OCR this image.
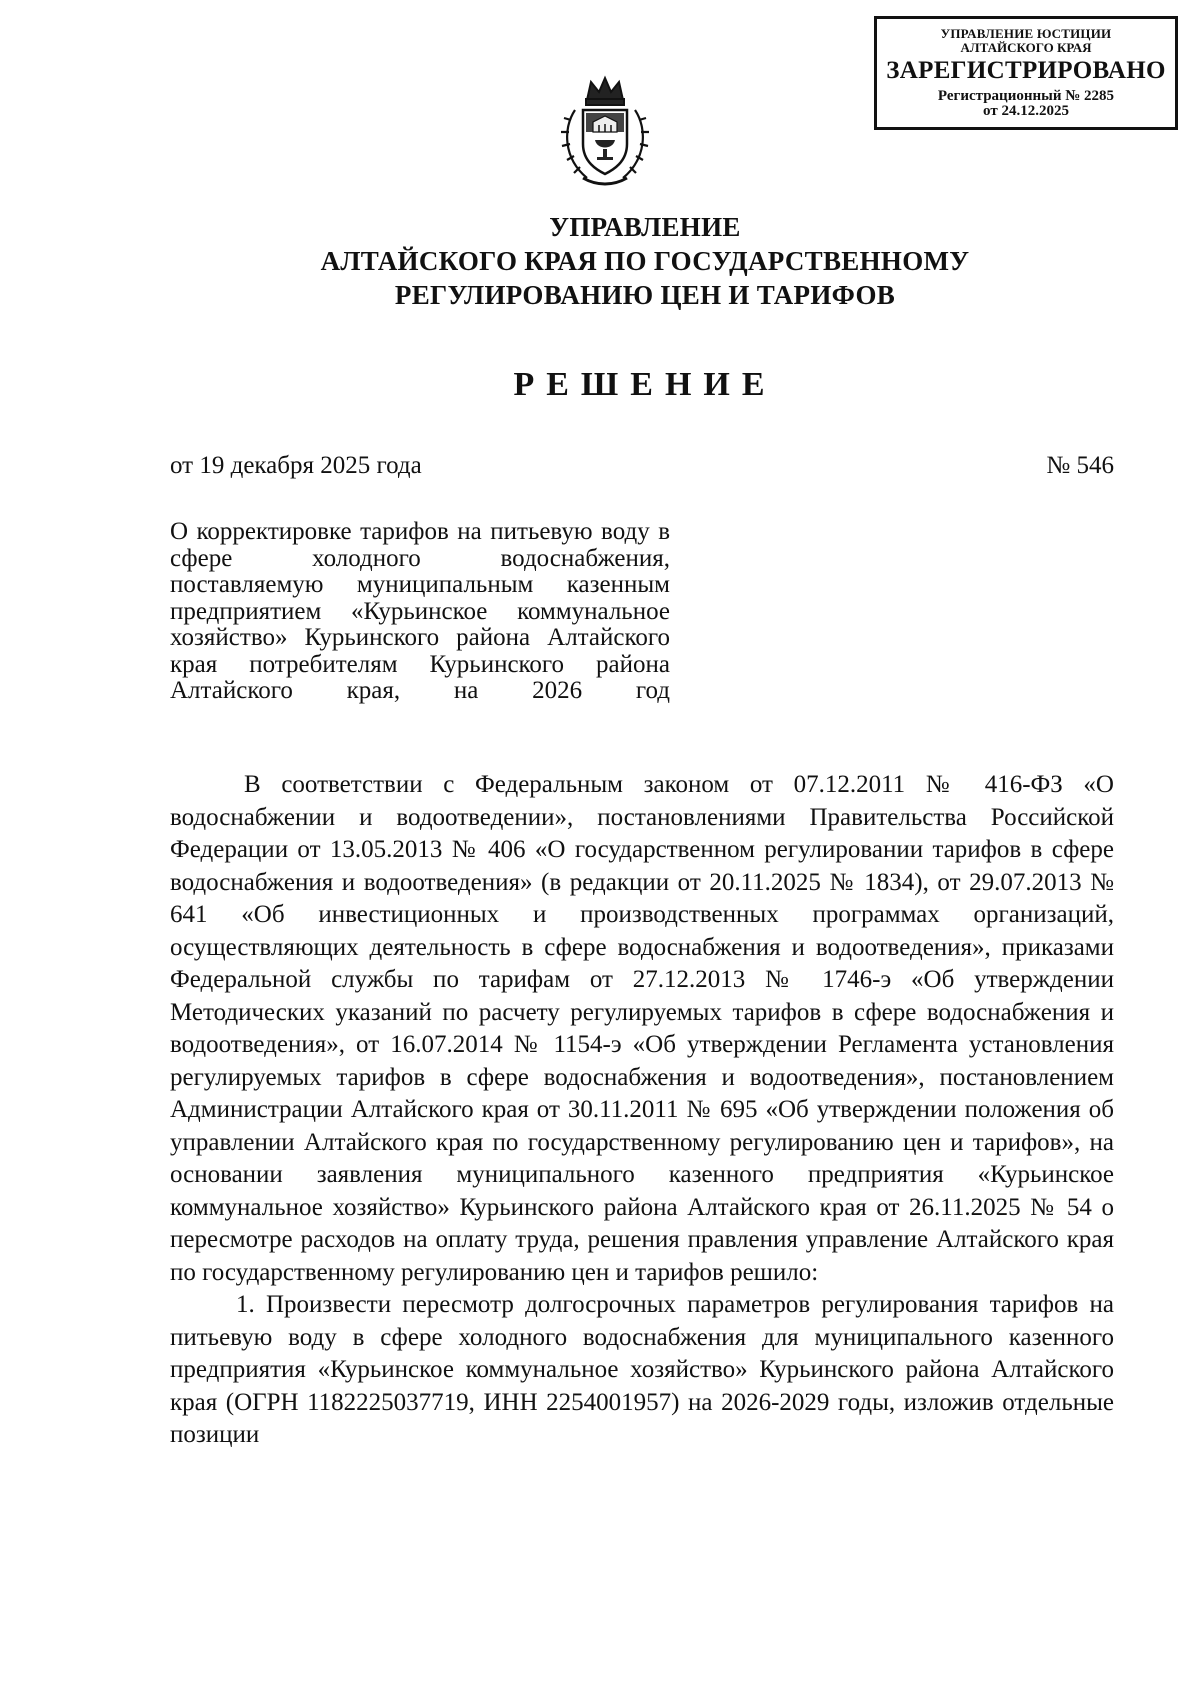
УПРАВЛЕНИЕ ЮСТИЦИИ
АЛТАЙСКОГО КРАЯ
ЗАРЕГИСТРИРОВАНО
Регистрационный № 2285
от 24.12.2025
УПРАВЛЕНИЕ
АЛТАЙСКОГО КРАЯ ПО ГОСУДАРСТВЕННОМУ
РЕГУЛИРОВАНИЮ ЦЕН И ТАРИФОВ
РЕШЕНИЕ
от 19 декабря 2025 года	№ 546
О корректировке тарифов на питьевую воду в сфере холодного водоснабжения, поставляемую муниципальным казенным предприятием «Курьинское коммунальное хозяйство» Курьинского района Алтайского края потребителям Курьинского района Алтайского края, на 2026 год

В соответствии с Федеральным законом от 07.12.2011 № 416-ФЗ «О водоснабжении и водоотведении», постановлениями Правительства Российской Федерации от 13.05.2013 № 406 «О государственном регулировании тарифов в сфере водоснабжения и водоотведения» (в редакции от 20.11.2025 № 1834), от 29.07.2013 № 641 «Об инвестиционных и производственных программах организаций, осуществляющих деятельность в сфере водоснабжения и водоотведения», приказами Федеральной службы по тарифам от 27.12.2013 № 1746-э «Об утверждении Методических указаний по расчету регулируемых тарифов в сфере водоснабжения и водоотведения», от 16.07.2014 № 1154-э «Об утверждении Регламента установления регулируемых тарифов в сфере водоснабжения и водоотведения», постановлением Администрации Алтайского края от 30.11.2011 № 695 «Об утверждении положения об управлении Алтайского края по государственному регулированию цен и тарифов», на основании заявления муниципального казенного предприятия «Курьинское коммунальное хозяйство» Курьинского района Алтайского края от 26.11.2025 № 54 о пересмотре расходов на оплату труда, решения правления управление Алтайского края по государственному регулированию цен и тарифов решило:

1. Произвести пересмотр долгосрочных параметров регулирования тарифов на питьевую воду в сфере холодного водоснабжения для муниципального казенного предприятия «Курьинское коммунальное хозяйство» Курьинского района Алтайского края (ОГРН 1182225037719, ИНН 2254001957) на 2026-2029 годы, изложив отдельные позиции
